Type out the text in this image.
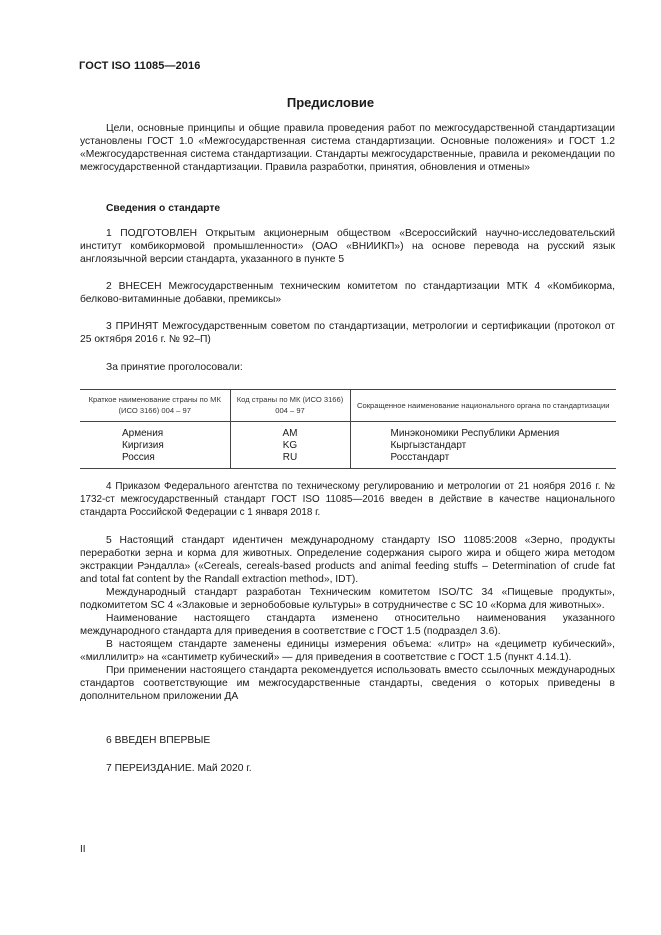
ГОСТ ISO 11085—2016
Предисловие

Цели, основные принципы и общие правила проведения работ по межгосударственной стандартизации установлены ГОСТ 1.0 «Межгосударственная система стандартизации. Основные положения» и ГОСТ 1.2 «Межгосударственная система стандартизации. Стандарты межгосударственные, правила и рекомендации по межгосударственной стандартизации. Правила разработки, принятия, обновления и отмены»

Сведения о стандарте

1 ПОДГОТОВЛЕН Открытым акционерным обществом «Всероссийский научно-исследовательский институт комбикормовой промышленности» (ОАО «ВНИИКП») на основе перевода на русский язык англоязычной версии стандарта, указанного в пункте 5

2 ВНЕСЕН Межгосударственным техническим комитетом по стандартизации МТК 4 «Комбикорма, белково-витаминные добавки, премиксы»

3 ПРИНЯТ Межгосударственным советом по стандартизации, метрологии и сертификации (протокол от 25 октября 2016 г. № 92–П)

За принятие проголосовали:

Краткое наименование страны по МК (ИСО 3166) 004 – 97	Код страны по МК (ИСО 3166) 004 – 97	Сокращенное наименование национального органа по стандартизации
Армения	AM	Минэкономики Республики Армения
Киргизия	KG	Кыргызстандарт
Россия	RU	Росстандарт

4 Приказом Федерального агентства по техническому регулированию и метрологии от 21 ноября 2016 г. № 1732-ст межгосударственный стандарт ГОСТ ISO 11085—2016 введен в действие в качестве национального стандарта Российской Федерации с 1 января 2018 г.

5 Настоящий стандарт идентичен международному стандарту ISO 11085:2008 «Зерно, продукты переработки зерна и корма для животных. Определение содержания сырого жира и общего жира методом экстракции Рэндалла» («Cereals, cereals-based products and animal feeding stuffs – Determination of crude fat and total fat content by the Randall extraction method», IDT).

Международный стандарт разработан Техническим комитетом ISO/TC 34 «Пищевые продукты», подкомитетом SC 4 «Злаковые и зернобобовые культуры» в сотрудничестве с SC 10 «Корма для животных».

Наименование настоящего стандарта изменено относительно наименования указанного международного стандарта для приведения в соответствие с ГОСТ 1.5 (подраздел 3.6).

В настоящем стандарте заменены единицы измерения объема: «литр» на «дециметр кубический», «миллилитр» на «сантиметр кубический» — для приведения в соответствие с ГОСТ 1.5 (пункт 4.14.1).

При применении настоящего стандарта рекомендуется использовать вместо ссылочных международных стандартов соответствующие им межгосударственные стандарты, сведения о которых приведены в дополнительном приложении ДА

6 ВВЕДЕН ВПЕРВЫЕ

7 ПЕРЕИЗДАНИЕ. Май 2020 г.

II
